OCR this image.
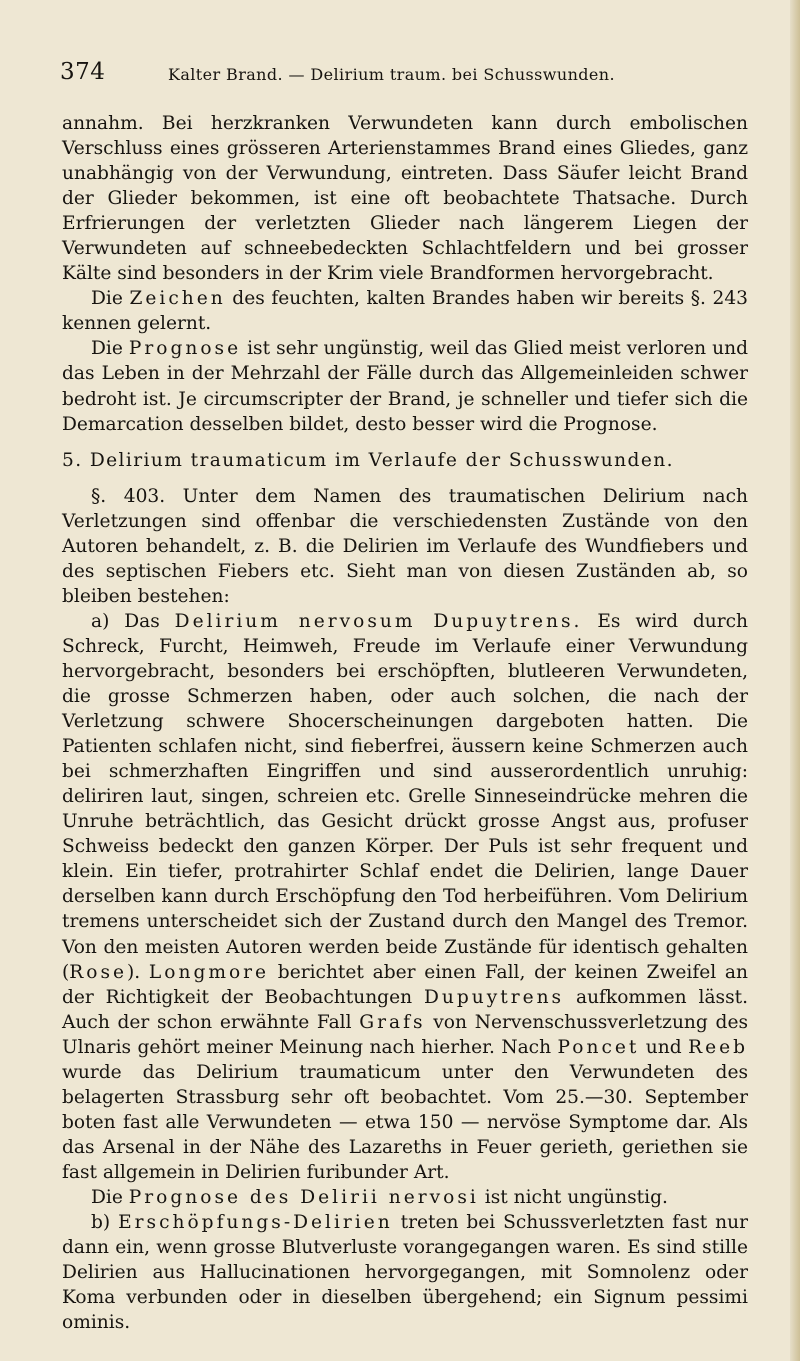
374	Kalter Brand. — Delirium traum. bei Schusswunden.

annahm. Bei herzkranken Verwundeten kann durch embolischen Verschluss eines grösseren Arterienstammes Brand eines Gliedes, ganz unabhängig von der Verwundung, eintreten. Dass Säufer leicht Brand der Glieder bekommen, ist eine oft beobachtete Thatsache. Durch Erfrierungen der verletzten Glieder nach längerem Liegen der Verwundeten auf schneebedeckten Schlachtfeldern und bei grosser Kälte sind besonders in der Krim viele Brandformen hervorgebracht.

Die Zeichen des feuchten, kalten Brandes haben wir bereits §. 243 kennen gelernt.

Die Prognose ist sehr ungünstig, weil das Glied meist verloren und das Leben in der Mehrzahl der Fälle durch das Allgemeinleiden schwer bedroht ist. Je circumscripter der Brand, je schneller und tiefer sich die Demarcation desselben bildet, desto besser wird die Prognose.

5. Delirium traumaticum im Verlaufe der Schusswunden.

§. 403. Unter dem Namen des traumatischen Delirium nach Verletzungen sind offenbar die verschiedensten Zustände von den Autoren behandelt, z. B. die Delirien im Verlaufe des Wundfiebers und des septischen Fiebers etc. Sieht man von diesen Zuständen ab, so bleiben bestehen:

a) Das Delirium nervosum Dupuytrens. Es wird durch Schreck, Furcht, Heimweh, Freude im Verlaufe einer Verwundung hervorgebracht, besonders bei erschöpften, blutleeren Verwundeten, die grosse Schmerzen haben, oder auch solchen, die nach der Verletzung schwere Shocerscheinungen dargeboten hatten. Die Patienten schlafen nicht, sind fieberfrei, äussern keine Schmerzen auch bei schmerzhaften Eingriffen und sind ausserordentlich unruhig: deliriren laut, singen, schreien etc. Grelle Sinneseindrücke mehren die Unruhe beträchtlich, das Gesicht drückt grosse Angst aus, profuser Schweiss bedeckt den ganzen Körper. Der Puls ist sehr frequent und klein. Ein tiefer, protrahirter Schlaf endet die Delirien, lange Dauer derselben kann durch Erschöpfung den Tod herbeiführen. Vom Delirium tremens unterscheidet sich der Zustand durch den Mangel des Tremor. Von den meisten Autoren werden beide Zustände für identisch gehalten (Rose). Longmore berichtet aber einen Fall, der keinen Zweifel an der Richtigkeit der Beobachtungen Dupuytrens aufkommen lässt. Auch der schon erwähnte Fall Grafs von Nervenschussverletzung des Ulnaris gehört meiner Meinung nach hierher. Nach Poncet und Reeb wurde das Delirium traumaticum unter den Verwundeten des belagerten Strassburg sehr oft beobachtet. Vom 25.—30. September boten fast alle Verwundeten — etwa 150 — nervöse Symptome dar. Als das Arsenal in der Nähe des Lazareths in Feuer gerieth, geriethen sie fast allgemein in Delirien furibunder Art.

Die Prognose des Delirii nervosi ist nicht ungünstig.

b) Erschöpfungs-Delirien treten bei Schussverletzten fast nur dann ein, wenn grosse Blutverluste vorangegangen waren. Es sind stille Delirien aus Hallucinationen hervorgegangen, mit Somnolenz oder Koma verbunden oder in dieselben übergehend; ein Signum pessimi ominis.
